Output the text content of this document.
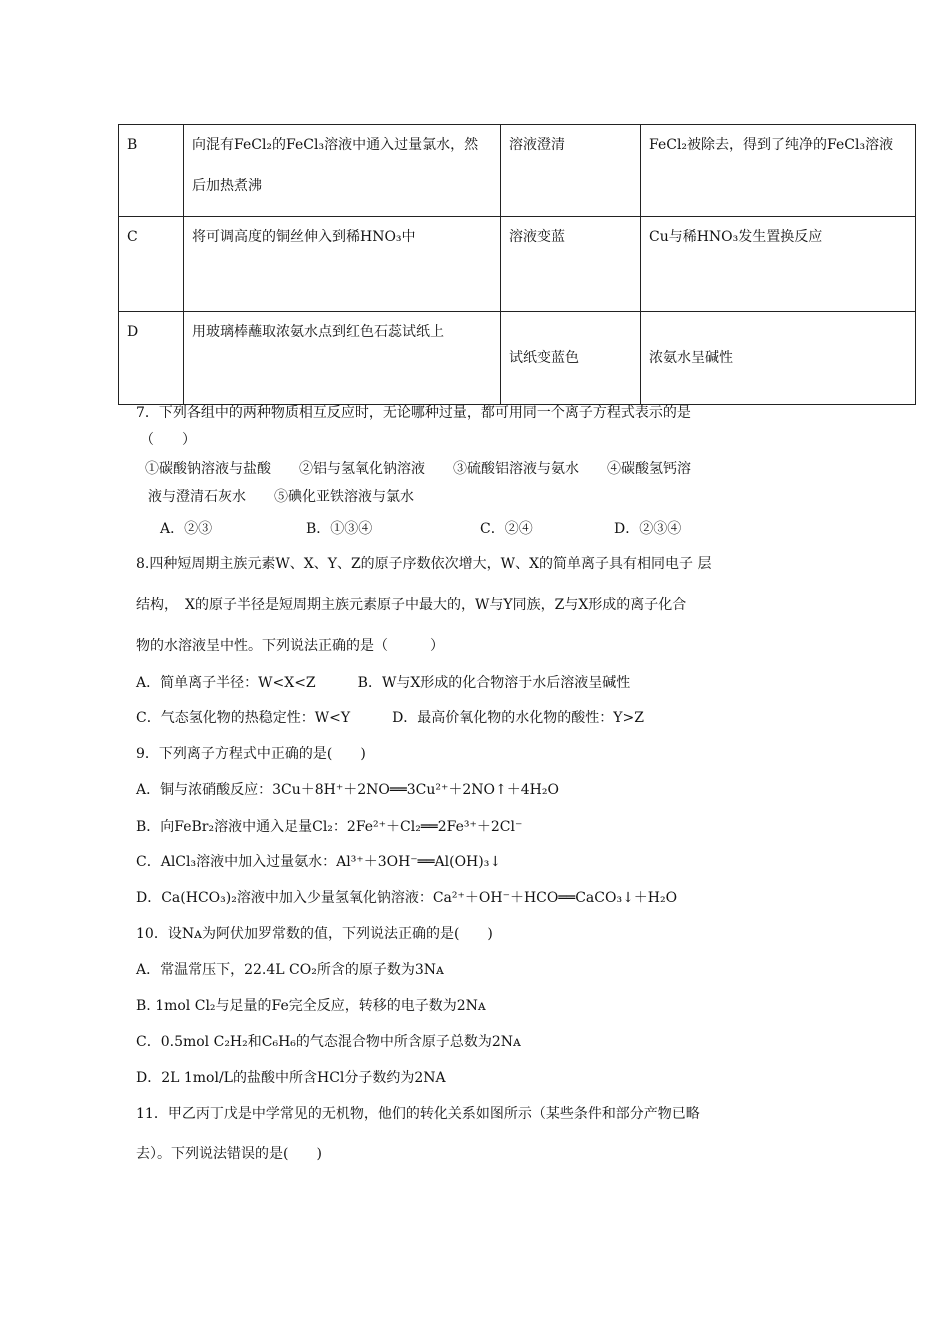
B	向混有FeCl₂的FeCl₃溶液中通入过量氯水，然后加热煮沸	溶液澄清	FeCl₂被除去，得到了纯净的FeCl₃溶液
C	将可调高度的铜丝伸入到稀HNO₃中	溶液变蓝	Cu与稀HNO₃发生置换反应
D	用玻璃棒蘸取浓氨水点到红色石蕊试纸上	试纸变蓝色	浓氨水呈碱性
7．下列各组中的两种物质相互反应时，无论哪种过量，都可用同一个离子方程式表示的是
（　　）
①碳酸钠溶液与盐酸　　②铝与氢氧化钠溶液　　③硫酸铝溶液与氨水　　④碳酸氢钙溶
液与澄清石灰水　　⑤碘化亚铁溶液与氯水
A．②③	B．①③④	C．②④	D．②③④
8.四种短周期主族元素W、X、Y、Z的原子序数依次增大，W、X的简单离子具有相同电子 层
结构，　X的原子半径是短周期主族元素原子中最大的，W与Y同族，Z与X形成的离子化合
物的水溶液呈中性。下列说法正确的是（　　　）
A．简单离子半径：W<X<Z　　　B．W与X形成的化合物溶于水后溶液呈碱性
C．气态氢化物的热稳定性：W<Y　　　D．最高价氧化物的水化物的酸性：Y>Z
9．下列离子方程式中正确的是(　　)
A．铜与浓硝酸反应：3Cu＋8H⁺＋2NO══3Cu²⁺＋2NO↑＋4H₂O
B．向FeBr₂溶液中通入足量Cl₂：2Fe²⁺＋Cl₂══2Fe³⁺＋2Cl⁻
C．AlCl₃溶液中加入过量氨水：Al³⁺＋3OH⁻══Al(OH)₃↓
D．Ca(HCO₃)₂溶液中加入少量氢氧化钠溶液：Ca²⁺＋OH⁻＋HCO══CaCO₃↓＋H₂O
10．设Nᴀ为阿伏加罗常数的值，下列说法正确的是(　　)
A．常温常压下，22.4L CO₂所含的原子数为3Nᴀ
B. 1mol Cl₂与足量的Fe完全反应，转移的电子数为2Nᴀ
C．0.5mol C₂H₂和C₆H₆的气态混合物中所含原子总数为2Nᴀ
D．2L 1mol/L的盐酸中所含HCl分子数约为2NA
11．甲乙丙丁戊是中学常见的无机物，他们的转化关系如图所示（某些条件和部分产物已略
去）。下列说法错误的是(　　)
